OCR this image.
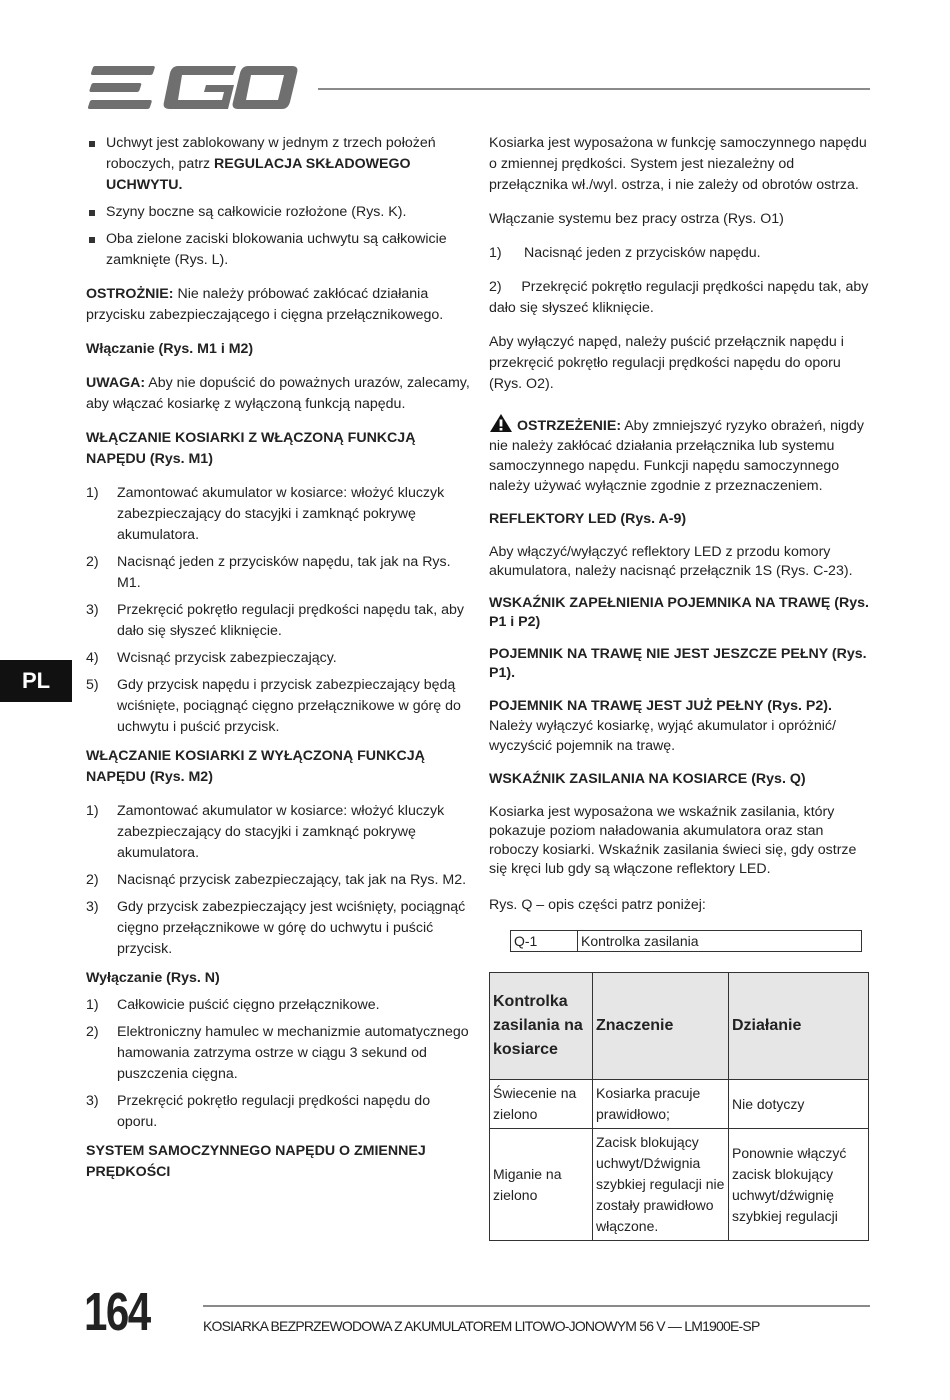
PL
Uchwyt jest zablokowany w jednym z trzech położeń roboczych, patrz REGULACJA SKŁADOWEGO UCHWYTU.
Szyny boczne są całkowicie rozłożone (Rys. K).
Oba zielone zaciski blokowania uchwytu są całkowicie zamknięte (Rys. L).

OSTROŻNIE: Nie należy próbować zakłócać działania przycisku zabezpieczającego i cięgna przełącznikowego.

Włączanie (Rys. M1 i M2)

UWAGA: Aby nie dopuścić do poważnych urazów, zalecamy, aby włączać kosiarkę z wyłączoną funkcją napędu.

WŁĄCZANIE KOSIARKI Z WŁĄCZONĄ FUNKCJĄ NAPĘDU (Rys. M1)

1) Zamontować akumulator w kosiarce: włożyć kluczyk zabezpieczający do stacyjki i zamknąć pokrywę akumulatora.
2) Nacisnąć jeden z przycisków napędu, tak jak na Rys. M1.
3) Przekręcić pokrętło regulacji prędkości napędu tak, aby dało się słyszeć kliknięcie.
4) Wcisnąć przycisk zabezpieczający.
5) Gdy przycisk napędu i przycisk zabezpieczający będą wciśnięte, pociągnąć cięgno przełącznikowe w górę do uchwytu i puścić przycisk.

WŁĄCZANIE KOSIARKI Z WYŁĄCZONĄ FUNKCJĄ NAPĘDU (Rys. M2)

1) Zamontować akumulator w kosiarce: włożyć kluczyk zabezpieczający do stacyjki i zamknąć pokrywę akumulatora.
2) Nacisnąć przycisk zabezpieczający, tak jak na Rys. M2.
3) Gdy przycisk zabezpieczający jest wciśnięty, pociągnąć cięgno przełącznikowe w górę do uchwytu i puścić przycisk.

Wyłączanie (Rys. N)

1) Całkowicie puścić cięgno przełącznikowe.
2) Elektroniczny hamulec w mechanizmie automatycznego hamowania zatrzyma ostrze w ciągu 3 sekund od puszczenia cięgna.
3) Przekręcić pokrętło regulacji prędkości napędu do oporu.

SYSTEM SAMOCZYNNEGO NAPĘDU O ZMIENNEJ PRĘDKOŚCI

Kosiarka jest wyposażona w funkcję samoczynnego napędu o zmiennej prędkości. System jest niezależny od przełącznika wł./wyl. ostrza, i nie zależy od obrotów ostrza.

Włączanie systemu bez pracy ostrza (Rys. O1)

1) Nacisnąć jeden z przycisków napędu.

2) Przekręcić pokrętło regulacji prędkości napędu tak, aby dało się słyszeć kliknięcie.

Aby wyłączyć napęd, należy puścić przełącznik napędu i przekręcić pokrętło regulacji prędkości napędu do oporu (Rys. O2).

OSTRZEŻENIE: Aby zmniejszyć ryzyko obrażeń, nigdy nie należy zakłócać działania przełącznika lub systemu samoczynnego napędu. Funkcji napędu samoczynnego należy używać wyłącznie zgodnie z przeznaczeniem.

REFLEKTORY LED (Rys. A-9)

Aby włączyć/wyłączyć reflektory LED z przodu komory akumulatora, należy nacisnąć przełącznik 1S (Rys. C-23).

WSKAŹNIK ZAPEŁNIENIA POJEMNIKA NA TRAWĘ (Rys. P1 i P2)

POJEMNIK NA TRAWĘ NIE JEST JESZCZE PEŁNY (Rys. P1).

POJEMNIK NA TRAWĘ JEST JUŻ PEŁNY (Rys. P2).
Należy wyłączyć kosiarkę, wyjąć akumulator i opróżnić/ wyczyścić pojemnik na trawę.

WSKAŹNIK ZASILANIA NA KOSIARCE (Rys. Q)

Kosiarka jest wyposażona we wskaźnik zasilania, który pokazuje poziom naładowania akumulatora oraz stan roboczy kosiarki. Wskaźnik zasilania świeci się, gdy ostrze się kręci lub gdy są włączone reflektory LED.

Rys. Q – opis części patrz poniżej:

Q-1	Kontrolka zasilania
Kontrolka zasilania na kosiarce	Znaczenie	Działanie
Świecenie na zielono	Kosiarka pracuje prawidłowo;	Nie dotyczy
Miganie na zielono	Zacisk blokujący uchwyt/Dźwignia szybkiej regulacji nie zostały prawidłowo włączone.	Ponownie włączyć zacisk blokujący uchwyt/dźwignię szybkiej regulacji
164	KOSIARKA BEZPRZEWODOWA Z AKUMULATOREM LITOWO-JONOWYM 56 V — LM1900E-SP
